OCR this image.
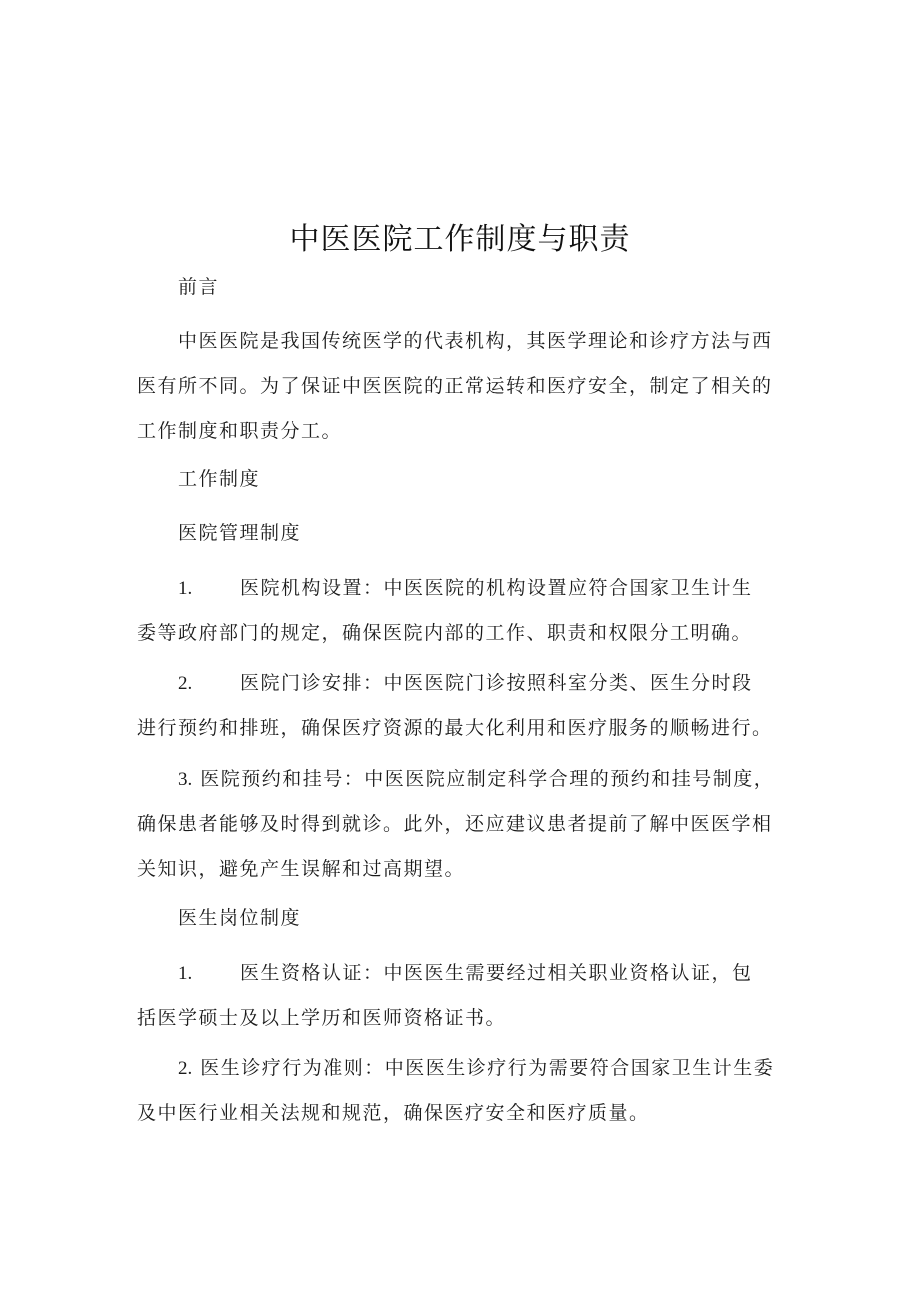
中医医院工作制度与职责

前言

中医医院是我国传统医学的代表机构，其医学理论和诊疗方法与西医有所不同。为了保证中医医院的正常运转和医疗安全，制定了相关的工作制度和职责分工。

工作制度

医院管理制度

1.	医院机构设置：中医医院的机构设置应符合国家卫生计生
委等政府部门的规定，确保医院内部的工作、职责和权限分工明确。
2.	医院门诊安排：中医医院门诊按照科室分类、医生分时段
进行预约和排班，确保医疗资源的最大化利用和医疗服务的顺畅进行。

3. 医院预约和挂号：中医医院应制定科学合理的预约和挂号制度，确保患者能够及时得到就诊。此外，还应建议患者提前了解中医医学相关知识，避免产生误解和过高期望。

医生岗位制度

1.	医生资格认证：中医医生需要经过相关职业资格认证，包
括医学硕士及以上学历和医师资格证书。

2. 医生诊疗行为准则：中医医生诊疗行为需要符合国家卫生计生委及中医行业相关法规和规范，确保医疗安全和医疗质量。
